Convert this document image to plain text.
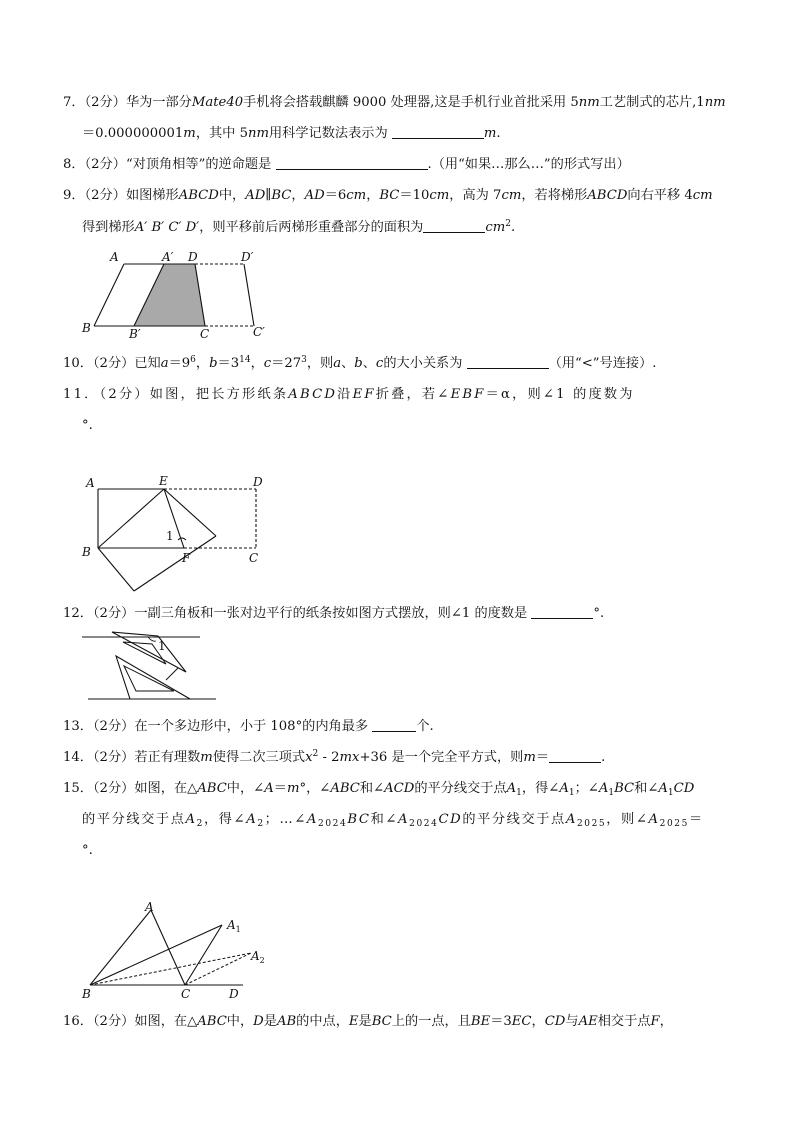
7．（2分）华为一部分Mate40手机将会搭载麒麟 9000 处理器,这是手机行业首批采用 5nm工艺制式的芯片,1nm
＝0.000000001m，其中 5nm用科学记数法表示为	m.
8．（2分）“对顶角相等”的逆命题是	.（用“如果…那么…”的形式写出）
9．（2分）如图梯形ABCD中，AD∥BC，AD＝6cm，BC＝10cm，高为 7cm，若将梯形ABCD向右平移 4cm
得到梯形A′ B′ C′ D′，则平移前后两梯形重叠部分的面积为	$cm^2$.
A	A′ D	D′
B	B′	C	C′
10．（2分）已知$a=9^6$，$b=3^{14}$，$c=27^3$，则a、b、c的大小关系为	（用“<”号连接）.
11．（2分）如图，把长方形纸条ABCD沿EF折叠，若∠EBF＝α，则∠1 的度数为
°.
A	E	D
B	F	C
1
12．（2分）一副三角板和一张对边平行的纸条按如图方式摆放，则∠1 的度数是	°.
1
13．（2分）在一个多边形中，小于 108°的内角最多	个.
14．（2分）若正有理数m使得二次三项式$x^2 - 2mx+36$ 是一个完全平方式，则m＝	.
15．（2分）如图，在△ABC中，∠A＝m°，∠ABC和∠ACD的平分线交于点$A_1$，得$\angle A_1$；$\angle A_1BC$和$\angle A_1CD$
的平分线交于点$A_2$，得$\angle A_2$；$\dots\angle A_{2024}BC$和$\angle A_{2024}CD$的平分线交于点$A_{2025}$，则$\angle A_{2025}=$
°.
A
$A_1$
$A_2$
B	C	D
16．（2分）如图，在△ABC中，D是AB的中点，E是BC上的一点，且BE＝3EC，CD与AE相交于点F，
